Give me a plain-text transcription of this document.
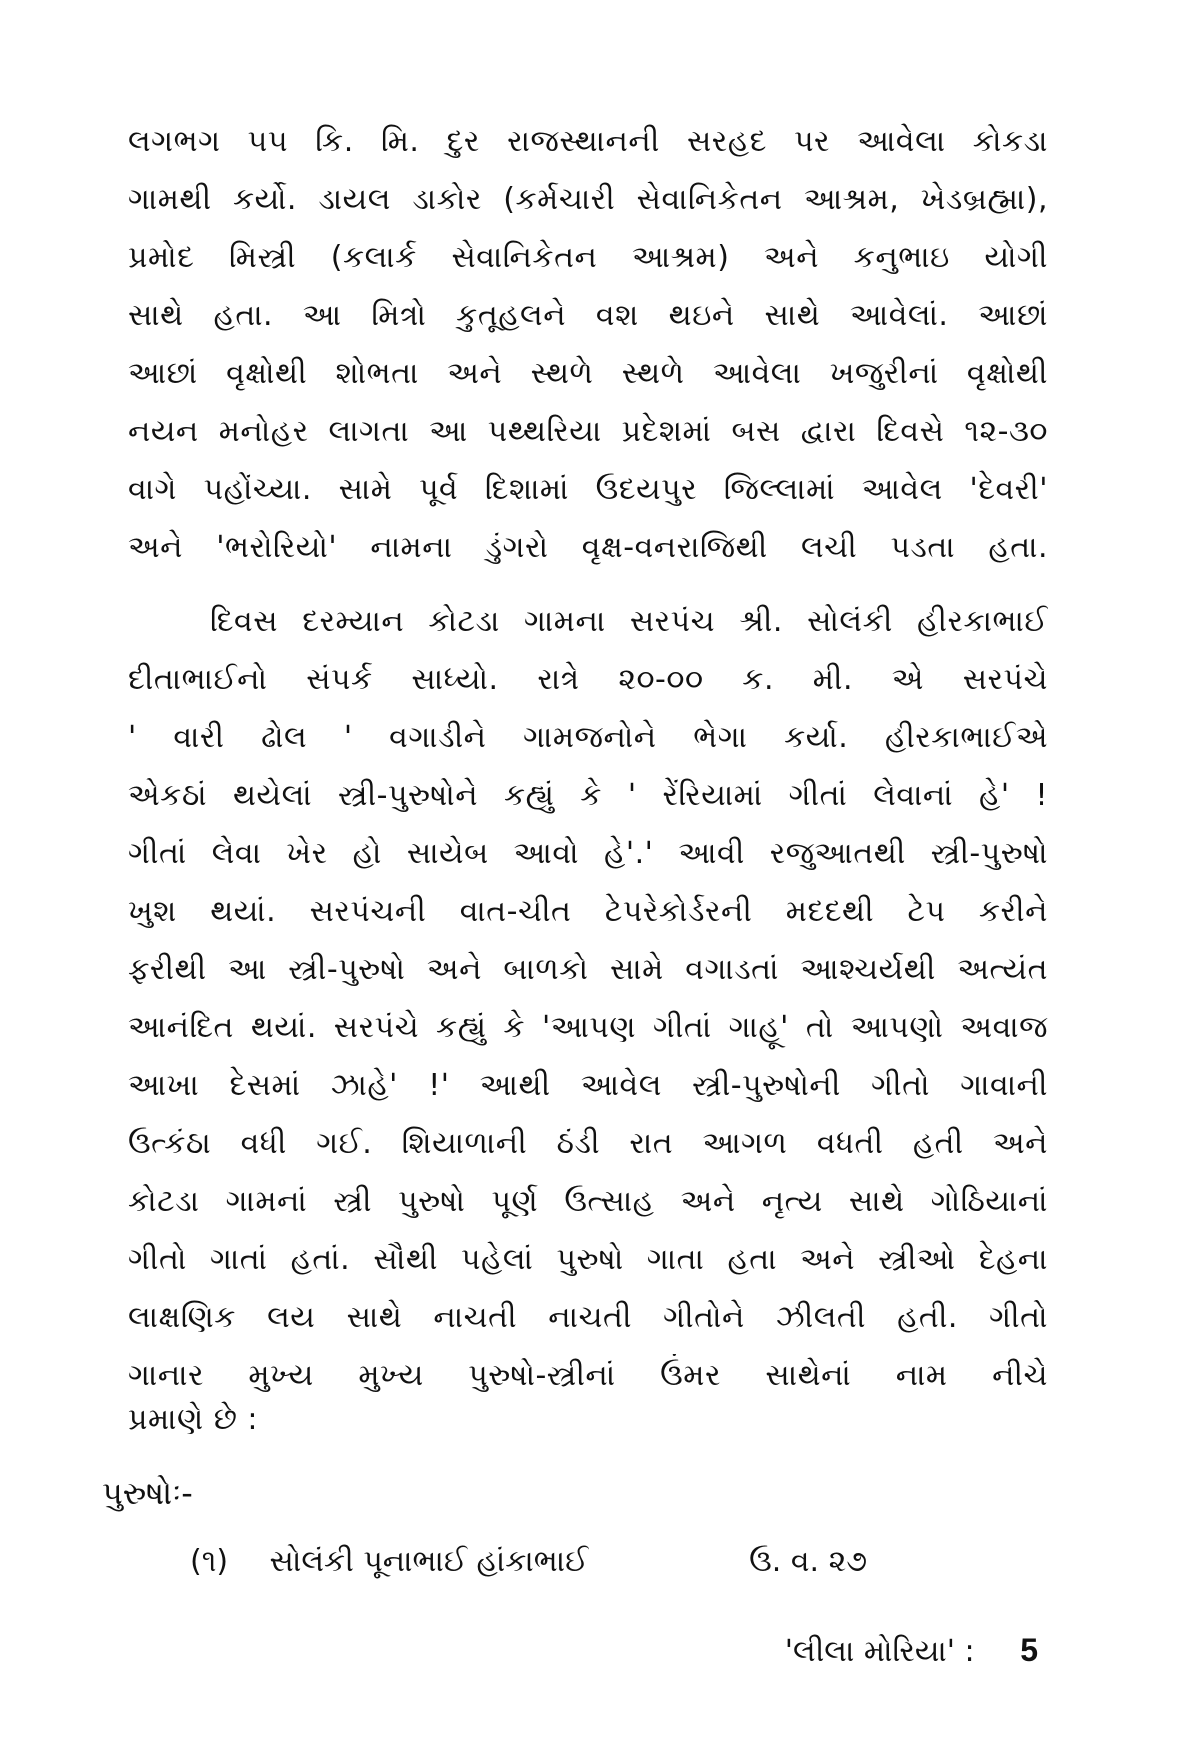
લગભગ ૫૫ કિ. મિ. દુર રાજસ્થાનની સરહદ પર આવેલા કોકડા
ગામથી કર્યો. ડાયલ ડાકોર (કર્મચારી સેવાનિકેતન આશ્રમ, ખેડબ્રહ્મા),
પ્રમોદ મિસ્ત્રી (કલાર્ક સેવાનિકેતન આશ્રમ) અને કનુભાઇ યોગી
સાથે હતા. આ મિત્રો કુતૂહલને વશ થઇને સાથે આવેલાં. આછાં
આછાં વૃક્ષોથી શોભતા અને સ્થળે સ્થળે આવેલા ખજુરીનાં વૃક્ષોથી
નયન મનોહર લાગતા આ પથ્થરિયા પ્રદેશમાં બસ દ્વારા દિવસે ૧૨-૩૦
વાગે પહોંચ્યા. સામે પૂર્વ દિશામાં ઉદયપુર જિલ્લામાં આવેલ 'દેવરી'
અને 'ભરોરિયો' નામના ડુંગરો વૃક્ષ-વનરાજિથી લચી પડતા હતા.
દિવસ દરમ્યાન કોટડા ગામના સરપંચ શ્રી. સોલંકી હીરકાભાઈ
દીતાભાઈનો સંપર્ક સાધ્યો. રાત્રે ૨૦-૦૦ ક. મી. એ સરપંચે
' વારી ઢોલ ' વગાડીને ગામજનોને ભેગા કર્યા. હીરકાભાઈએ
એકઠાં થયેલાં સ્ત્રી-પુરુષોને કહ્યું કે ' રેંરિયામાં ગીતાં લેવાનાં હે' !
ગીતાં લેવા ખેર હો સાયેબ આવો હે'.' આવી રજુઆતથી સ્ત્રી-પુરુષો
ખુશ થયાં. સરપંચની વાત-ચીત ટેપરેકોર્ડરની મદદથી ટેપ કરીને
ફરીથી આ સ્ત્રી-પુરુષો અને બાળકો સામે વગાડતાં આશ્ચર્યથી અત્યંત
આનંદિત થયાં. સરપંચે કહ્યું કે 'આપણ ગીતાં ગાહૂ' તો આપણો અવાજ
આખા દેસમાં ઝાહે' !' આથી આવેલ સ્ત્રી-પુરુષોની ગીતો ગાવાની
ઉત્કંઠા વધી ગઈ. શિયાળાની ઠંડી રાત આગળ વધતી હતી અને
કોટડા ગામનાં સ્ત્રી પુરુષો પૂર્ણ ઉત્સાહ અને નૃત્ય સાથે ગોઠિયાનાં
ગીતો ગાતાં હતાં. સૌથી પહેલાં પુરુષો ગાતા હતા અને સ્ત્રીઓ દેહના
લાક્ષણિક લય સાથે નાચતી નાચતી ગીતોને ઝીલતી હતી. ગીતો
ગાનાર મુખ્ય મુખ્ય પુરુષો-સ્ત્રીનાં ઉંમર સાથેનાં નામ નીચે
પ્રમાણે છે :
પુરુષોઃ-
(૧) સોલંકી પૂનાભાઈ હાંકાભાઈ	ઉ. વ. ૨૭
'લીલા મોરિયા' : 5
